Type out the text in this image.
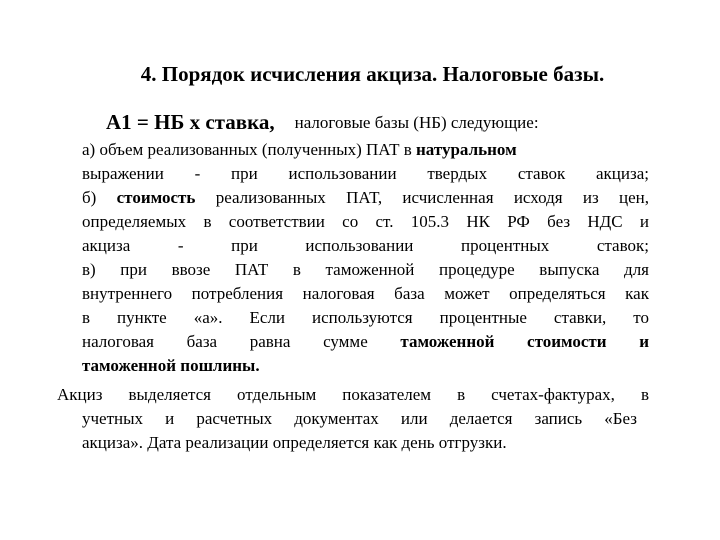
4. Порядок исчисления акциза. Налоговые базы.
А1 = НБ х ставка, налоговые базы (НБ) следующие:
а) объем реализованных (полученных) ПАТ в натуральном
выражении - при использовании твердых ставок акциза;
б) стоимость реализованных ПАТ, исчисленная исходя из цен,
определяемых в соответствии со ст. 105.3 НК РФ без НДС и
акциза - при использовании процентных ставок;
в) при ввозе ПАТ в таможенной процедуре выпуска для
внутреннего потребления налоговая база может определяться как
в пункте «а». Если используются процентные ставки, то
налоговая база равна сумме таможенной стоимости и
таможенной пошлины.
Акциз выделяется отдельным показателем в счетах-фактурах, в
учетных и расчетных документах или делается запись «Без
акциза». Дата реализации определяется как день отгрузки.
